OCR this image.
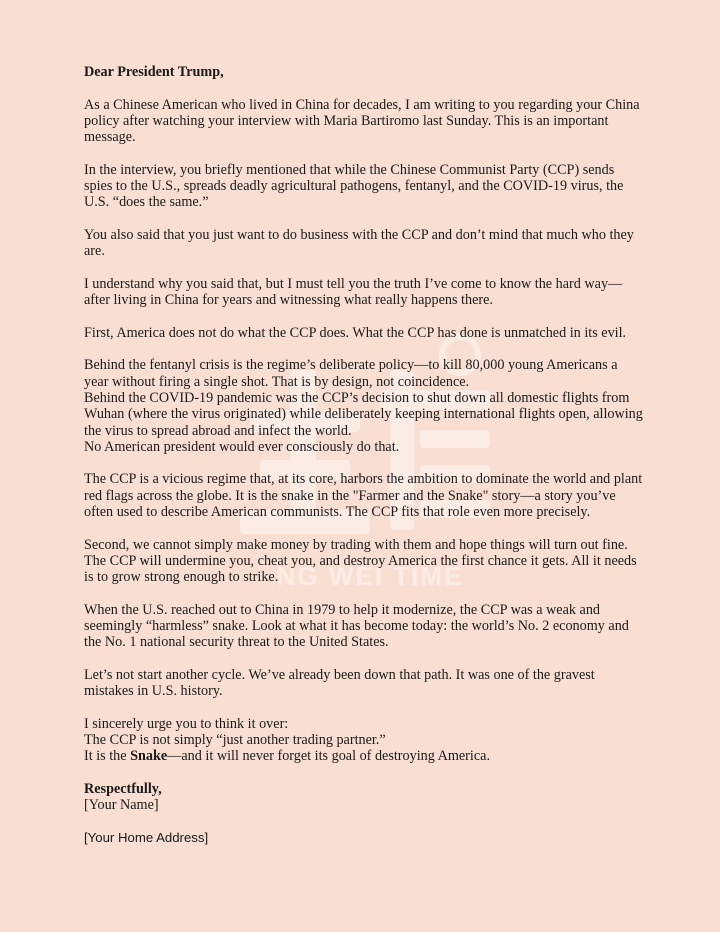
NG WEI TIME

Dear President Trump,

As a Chinese American who lived in China for decades, I am writing to you regarding your China policy after watching your interview with Maria Bartiromo last Sunday. This is an important message.

In the interview, you briefly mentioned that while the Chinese Communist Party (CCP) sends spies to the U.S., spreads deadly agricultural pathogens, fentanyl, and the COVID-19 virus, the U.S. “does the same.”

You also said that you just want to do business with the CCP and don’t mind that much who they are.

I understand why you said that, but I must tell you the truth I’ve come to know the hard way—after living in China for years and witnessing what really happens there.

First, America does not do what the CCP does. What the CCP has done is unmatched in its evil.

Behind the fentanyl crisis is the regime’s deliberate policy—to kill 80,000 young Americans a year without firing a single shot. That is by design, not coincidence.
Behind the COVID-19 pandemic was the CCP’s decision to shut down all domestic flights from Wuhan (where the virus originated) while deliberately keeping international flights open, allowing the virus to spread abroad and infect the world.
No American president would ever consciously do that.

The CCP is a vicious regime that, at its core, harbors the ambition to dominate the world and plant red flags across the globe. It is the snake in the "Farmer and the Snake" story—a story you’ve often used to describe American communists. The CCP fits that role even more precisely.

Second, we cannot simply make money by trading with them and hope things will turn out fine. The CCP will undermine you, cheat you, and destroy America the first chance it gets. All it needs is to grow strong enough to strike.

When the U.S. reached out to China in 1979 to help it modernize, the CCP was a weak and seemingly “harmless” snake. Look at what it has become today: the world’s No. 2 economy and the No. 1 national security threat to the United States.

Let’s not start another cycle. We’ve already been down that path. It was one of the gravest mistakes in U.S. history.

I sincerely urge you to think it over:
The CCP is not simply “just another trading partner.”
It is the Snake—and it will never forget its goal of destroying America.
Respectfully,
[Your Name]

[Your Home Address]
